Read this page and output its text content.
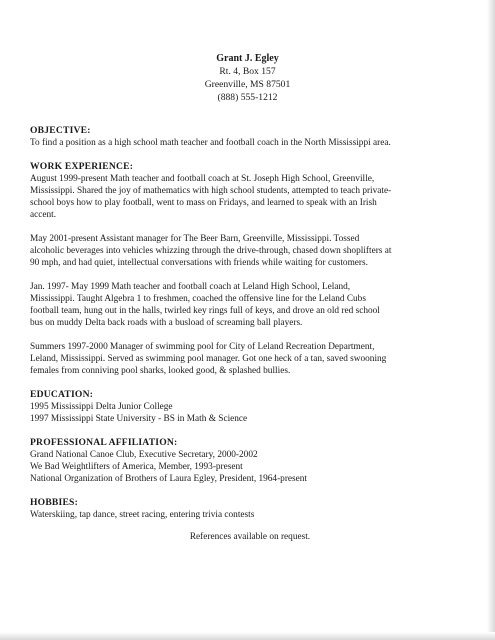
Grant J. Egley
Rt. 4, Box 157
Greenville, MS 87501
(888) 555-1212
OBJECTIVE:
To find a position as a high school math teacher and football coach in the North Mississippi area.
WORK EXPERIENCE:
August 1999-present Math teacher and football coach at St. Joseph High School, Greenville,
Mississippi. Shared the joy of mathematics with high school students, attempted to teach private-
school boys how to play football, went to mass on Fridays, and learned to speak with an Irish
accent.
May 2001-present Assistant manager for The Beer Barn, Greenville, Mississippi. Tossed
alcoholic beverages into vehicles whizzing through the drive-through, chased down shoplifters at
90 mph, and had quiet, intellectual conversations with friends while waiting for customers.
Jan. 1997- May 1999 Math teacher and football coach at Leland High School, Leland,
Mississippi. Taught Algebra 1 to freshmen, coached the offensive line for the Leland Cubs
football team, hung out in the halls, twirled key rings full of keys, and drove an old red school
bus on muddy Delta back roads with a busload of screaming ball players.
Summers 1997-2000 Manager of swimming pool for City of Leland Recreation Department,
Leland, Mississippi. Served as swimming pool manager. Got one heck of a tan, saved swooning
females from conniving pool sharks, looked good, & splashed bullies.
EDUCATION:
1995 Mississippi Delta Junior College
1997 Mississippi State University - BS in Math & Science
PROFESSIONAL AFFILIATION:
Grand National Canoe Club, Executive Secretary, 2000-2002
We Bad Weightlifters of America, Member, 1993-present
National Organization of Brothers of Laura Egley, President, 1964-present
HOBBIES:
Waterskiing, tap dance, street racing, entering trivia contests
References available on request.
